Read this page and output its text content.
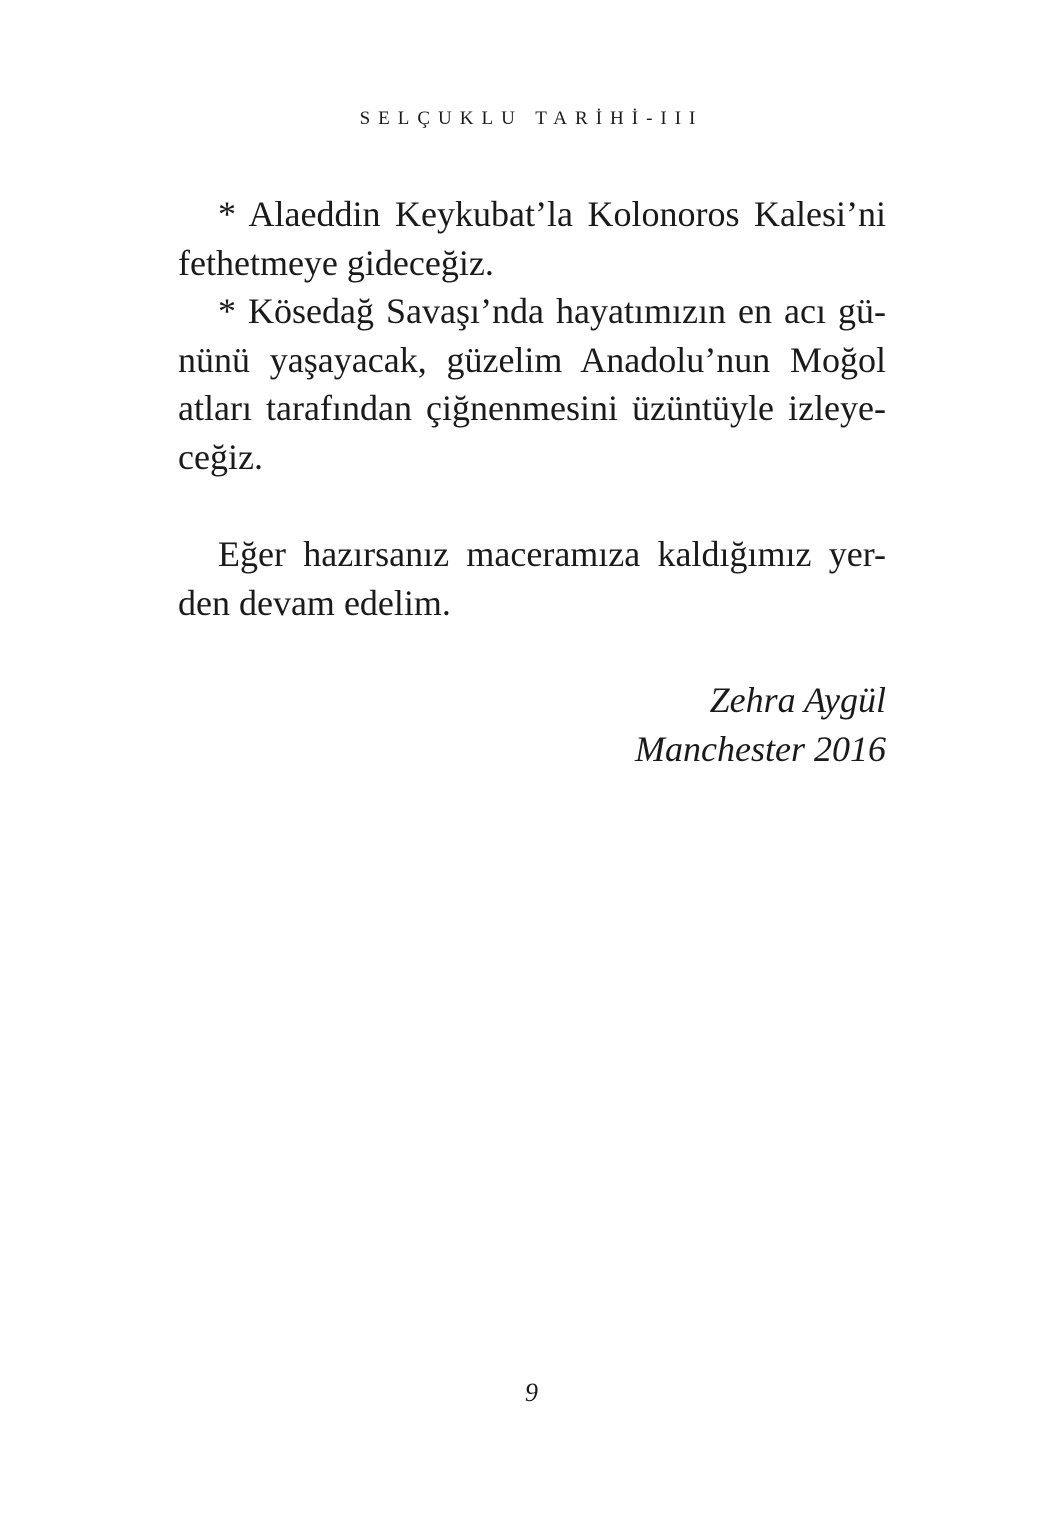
SELÇUKLU TARİHİ-III
* Alaeddin Keykubat’la Kolonoros Kalesi’ni
fethetmeye gideceğiz.
* Kösedağ Savaşı’nda hayatımızın en acı gü-
nünü yaşayacak, güzelim Anadolu’nun Moğol
atları tarafından çiğnenmesini üzüntüyle izleye-
ceğiz.
Eğer hazırsanız maceramıza kaldığımız yer-
den devam edelim.
Zehra Aygül
Manchester 2016
9
